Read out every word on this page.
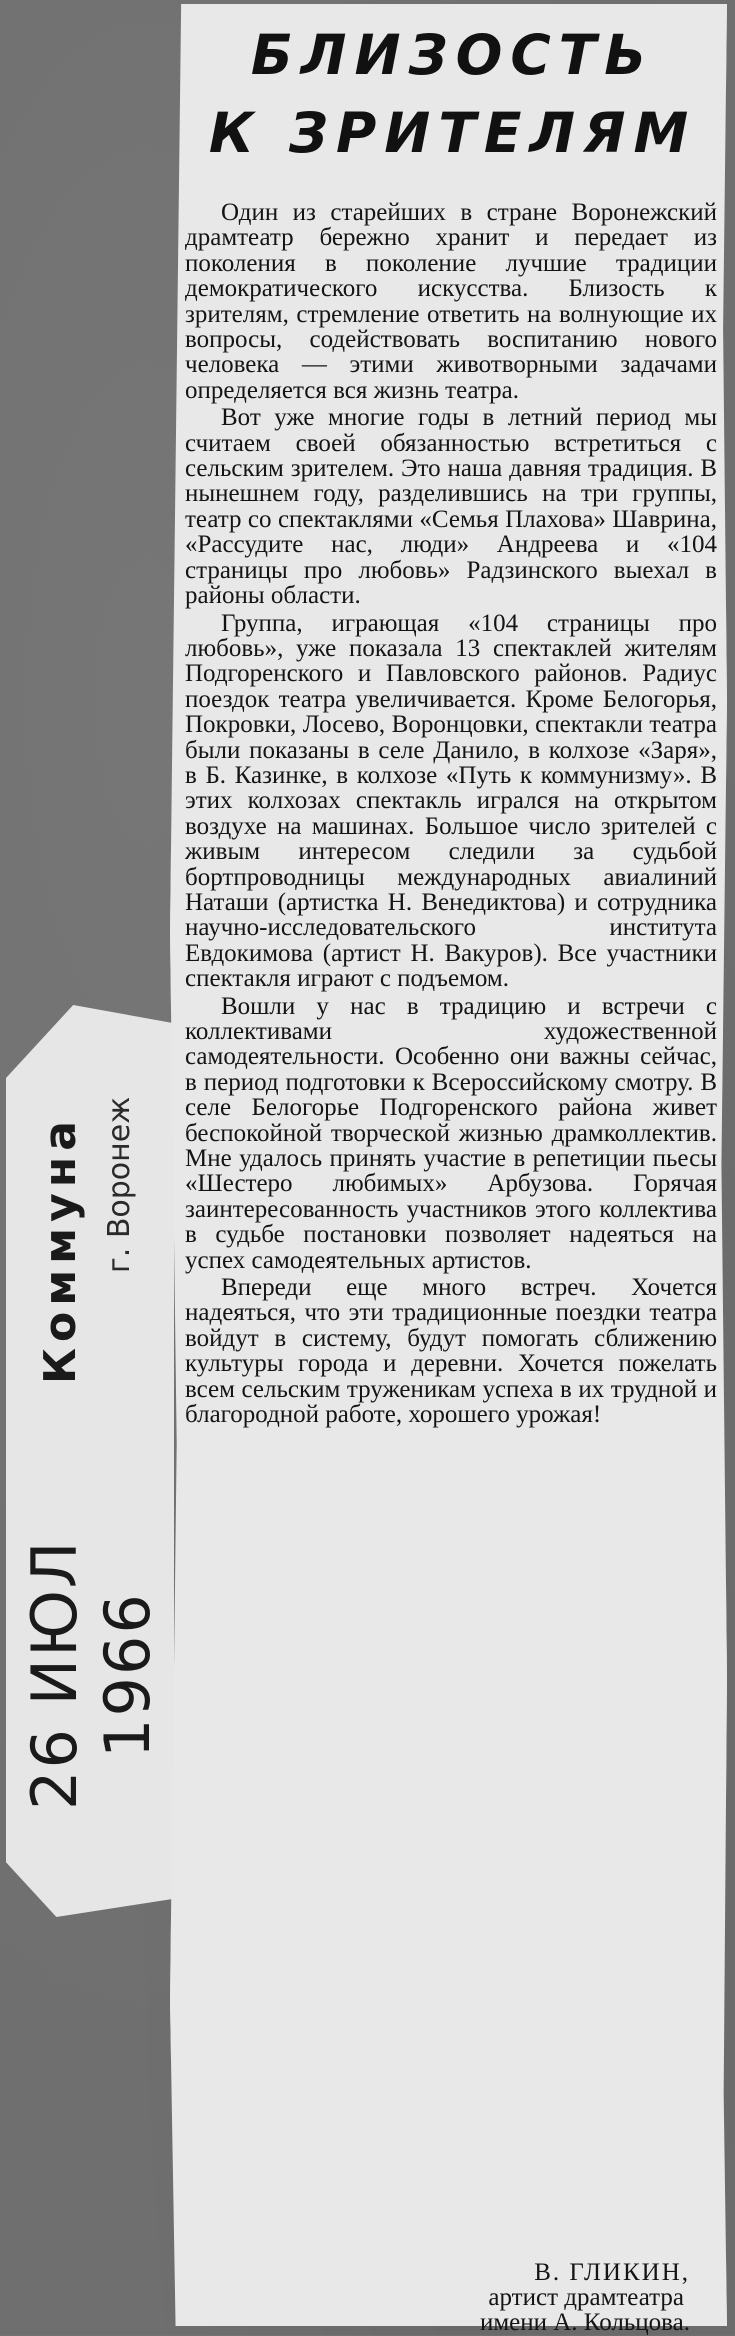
Коммуна г. Воронеж
26 ИЮЛ 1966
БЛИЗОСТЬ
К ЗРИТЕЛЯМ

Один из старейших в стране Воронежский драмтеатр бережно хранит и передает из поколения в поколение лучшие традиции демократического искусства. Близость к зрителям, стремление ответить на волнующие их вопросы, содействовать воспитанию нового человека — этими животворными задачами определяется вся жизнь театра.

Вот уже многие годы в летний период мы считаем своей обязанностью встретиться с сельским зрителем. Это наша давняя традиция. В нынешнем году, разделившись на три группы, театр со спектаклями «Семья Плахова» Шаврина, «Рассудите нас, люди» Андреева и «104 страницы про любовь» Радзинского выехал в районы области.

Группа, играющая «104 страницы про любовь», уже показала 13 спектаклей жителям Подгоренского и Павловского районов. Радиус поездок театра увеличивается. Кроме Белогорья, Покровки, Лосево, Воронцовки, спектакли театра были показаны в селе Данило, в колхозе «Заря», в Б. Казинке, в колхозе «Путь к коммунизму». В этих колхозах спектакль игрался на открытом воздухе на машинах. Большое число зрителей с живым интересом следили за судьбой бортпроводницы международных авиалиний Наташи (артистка Н. Венедиктова) и сотрудника научно-исследовательского института Евдокимова (артист Н. Вакуров). Все участники спектакля играют с подъемом.

Вошли у нас в традицию и встречи с коллективами художественной самодеятельности. Особенно они важны сейчас, в период подготовки к Всероссийскому смотру. В селе Белогорье Подгоренского района живет беспокойной творческой жизнью драмколлектив. Мне удалось принять участие в репетиции пьесы «Шестеро любимых» Арбузова. Горячая заинтересованность участников этого коллектива в судьбе постановки позволяет надеяться на успех самодеятельных артистов.

Впереди еще много встреч. Хочется надеяться, что эти традиционные поездки театра войдут в систему, будут помогать сближению культуры города и деревни. Хочется пожелать всем сельским труженикам успеха в их трудной и благородной работе, хорошего урожая!

В. ГЛИКИН,
артист драмтеатра
имени А. Кольцова.
